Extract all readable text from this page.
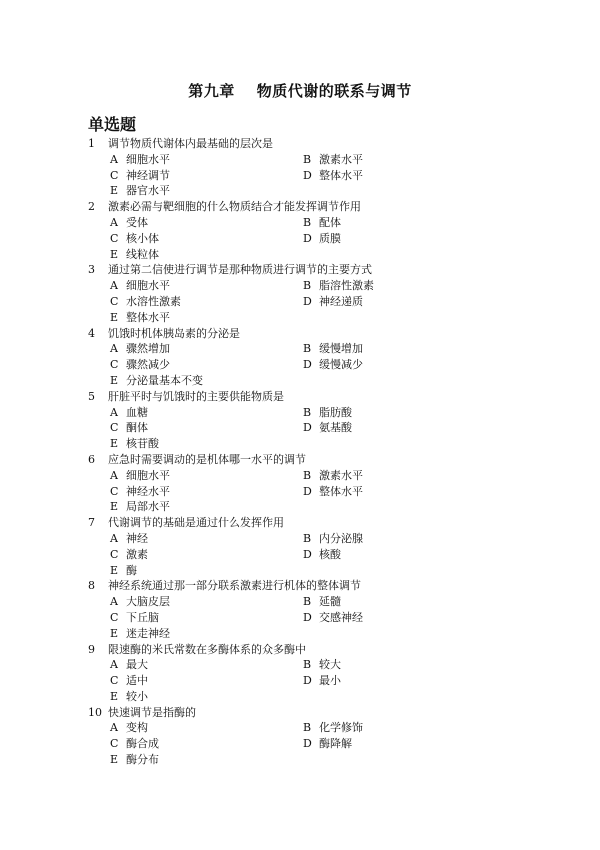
第九章 物质代谢的联系与调节
单选题
1 调节物质代谢体内最基础的层次是
A 细胞水平	B 激素水平
C 神经调节	D 整体水平
E 器官水平
2 激素必需与靶细胞的什么物质结合才能发挥调节作用
A 受体	B 配体
C 核小体	D 质膜
E 线粒体
3 通过第二信使进行调节是那种物质进行调节的主要方式
A 细胞水平	B 脂溶性激素
C 水溶性激素	D 神经递质
E 整体水平
4 饥饿时机体胰岛素的分泌是
A 骤然增加	B 缓慢增加
C 骤然减少	D 缓慢减少
E 分泌量基本不变
5 肝脏平时与饥饿时的主要供能物质是
A 血糖	B 脂肪酸
C 酮体	D 氨基酸
E 核苷酸
6 应急时需要调动的是机体哪一水平的调节
A 细胞水平	B 激素水平
C 神经水平	D 整体水平
E 局部水平
7 代谢调节的基础是通过什么发挥作用
A 神经	B 内分泌腺
C 激素	D 核酸
E 酶
8 神经系统通过那一部分联系激素进行机体的整体调节
A 大脑皮层	B 延髓
C 下丘脑	D 交感神经
E 迷走神经
9 限速酶的米氏常数在多酶体系的众多酶中
A 最大	B 较大
C 适中	D 最小
E 较小
10 快速调节是指酶的
A 变构	B 化学修饰
C 酶合成	D 酶降解
E 酶分布
